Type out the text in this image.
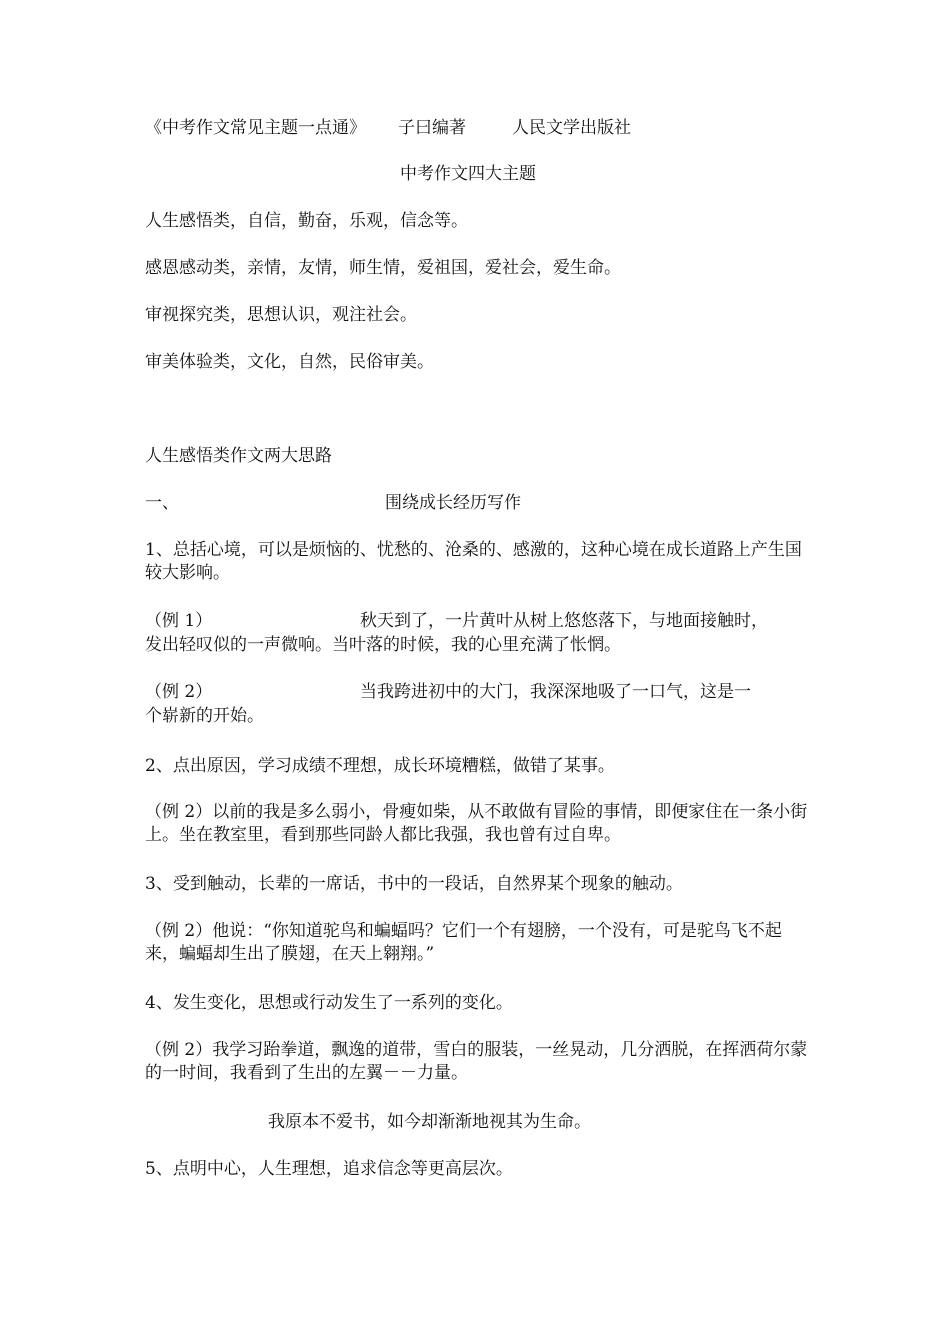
《中考作文常见主题一点通》 子曰编著	人民文学出版社
中考作文四大主题
人生感悟类，自信，勤奋，乐观，信念等。
感恩感动类，亲情，友情，师生情，爱祖国，爱社会，爱生命。
审视探究类，思想认识，观注社会。
审美体验类，文化，自然，民俗审美。
人生感悟类作文两大思路
一、	围绕成长经历写作
1、总括心境，可以是烦恼的、忧愁的、沧桑的、感激的，这种心境在成长道路上产生国较大影响。
（例 1）	秋天到了，一片黄叶从树上悠悠落下，与地面接触时，
发出轻叹似的一声微响。当叶落的时候，我的心里充满了怅惘。
（例 2）	当我跨进初中的大门，我深深地吸了一口气，这是一
个崭新的开始。
2、点出原因，学习成绩不理想，成长环境糟糕，做错了某事。
（例 2）以前的我是多么弱小，骨瘦如柴，从不敢做有冒险的事情，即便家住在一条小街上。坐在教室里，看到那些同龄人都比我强，我也曾有过自卑。
3、受到触动，长辈的一席话，书中的一段话，自然界某个现象的触动。
（例 2）他说：“你知道驼鸟和蝙蝠吗？它们一个有翅膀，一个没有，可是驼鸟飞不起来，蝙蝠却生出了膜翅，在天上翱翔。”
4、发生变化，思想或行动发生了一系列的变化。
（例 2）我学习跆拳道，飘逸的道带，雪白的服装，一丝晃动，几分洒脱，在挥洒荷尔蒙的一时间，我看到了生出的左翼－－力量。
我原本不爱书，如今却渐渐地视其为生命。
5、点明中心，人生理想，追求信念等更高层次。
